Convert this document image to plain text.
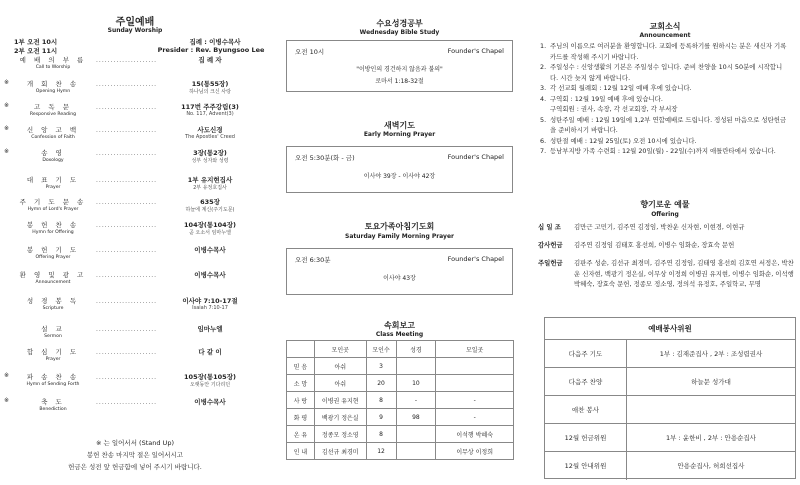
주일예배
Sunday Worship
1부 오전 10시
2부 오전 11시
집례 : 이병수목사
Presider : Rev. Byungsoo Lee
예 배 의 부 름
Call to Worship
·····················	집 례 자
※	개 회 찬 송
Opening Hymn
·····················	15(통55장)
하나님의 크신 사랑
※	고 독 문
Responsive Reading
·····················	117번 주주강림(3)
No. 117, Advent(3)
※	신 앙 고 백
Confession of Faith
·····················	사도신경
The Apostles' Creed
※	송 영
Doxology
·····················	3장(통2장)
성부 성자와 성령
대 표 기 도
Prayer
·····················	1부 유지현집사
2부 유정호집사
주 기 도 문 송
Hymn of Lord's Prayer
·····················	635장
하늘에 계신(주기도문)
봉 헌 찬 송
Hymn for Offering
·····················	104장(통104장)
곧 오소서 임마누엘
봉 헌 기 도
Offering Prayer
·····················	이병수목사
환 영 및 광 고
Announcement
·····················	이병수목사
성 경 봉 독
Scripture
·····················	이사야 7:10-17절
Isaiah 7:10-17
설 교
Sermon
·····················	임마누엘
합 심 기 도
Prayer
·····················	다 같 이
※	파 송 찬 송
Hymn of Sending Forth
·····················	105장(통105장)
오랫동안 기다리던
※	축 도
Benediction
·····················	이병수목사
※ 는 일어서서 (Stand Up)
봉헌 찬송 마지막 절은 일어서시고
헌금은 성전 앞 헌금함에 넣어 주시기 바랍니다.
수요성경공부
Wednesday Bible Study
오전 10시	Founder's Chapel
"이방인의 경건하지 않음과 불의"
로마서 1:18-32절
새벽기도
Early Morning Prayer
오전 5:30분(화 - 금)	Founder's Chapel
이사야 39장 - 이사야 42장
토요가족아침기도회
Saturday Family Morning Prayer
오전 6:30분	Founder's Chapel
이사야 43장
속회보고
Class Meeting
	모인곳	모인수	성경	모일곳
믿 음	아쉬	3		
소 망	아쉬	20	10	
사 랑	이병권 유지현	8	-	-
화 평	백광기 정은실	9	98	-
온 유	정종모 정소영	8		이석행 박혜숙
인 내	김선규 최경미	12		이무상 이정희
교회소식
Announcement
1. 주님의 이름으로 여러분을 환영합니다. 교회에 등록하기를 원하시는 분은 새신자 기록카드를 작성해 주시기 바랍니다.
2. 주일성수 : 신앙생활의 기본은 주일성수 입니다. 준비 찬양을 10시 50분에 시작합니다. 시간 늦지 않게 바랍니다.
3. 각 선교회 월례회 : 12월 12일 예배 후에 있습니다.
4. 구역회 : 12월 19일 예배 후에 있습니다.
구역회원 : 권사, 속장, 각 선교회장, 각 부서장
5. 성탄주일 예배 : 12월 19일에 1,2부 연합예배로 드립니다. 정성된 마음으로 성탄헌금을 준비하시기 바랍니다.
6. 성탄절 예배 : 12월 25일(토) 오전 10시에 있습니다.
7. 등남부지방 가족 수련회 : 12월 20일(월) - 22일(수)까지 애틀란타에서 있습니다.
향기로운 예물
Offering
십 일 조 김만근 고민기, 김주연 김정임, 박찬운 신자현, 이현경, 이현규
감사헌금 김주연 김정임 김태호 홍선희, 이병수 임화순, 장효숙 문헌
주일헌금 김판주 성순, 김선규 최경미, 김주연 김정임, 김태영 홍선희 김호연 서정은, 박찬운 신자현, 백광기 정은실, 이무상 이정희 이병권 유지현, 이병수 임화순, 이석행 박혜숙, 장효숙 문헌, 정종모 정소영, 정의석 유정호, 주일학교, 무명
예배봉사위원
다음주 기도	1부 : 김재준집사 , 2부 : 조성렵권사
다음주 찬양	하늘문 성가대
애찬 봉사
12월 헌금위원	1부 : 윤한비 , 2부 : 안용순집사
12월 안내위원	안용순집사, 허희선집사
